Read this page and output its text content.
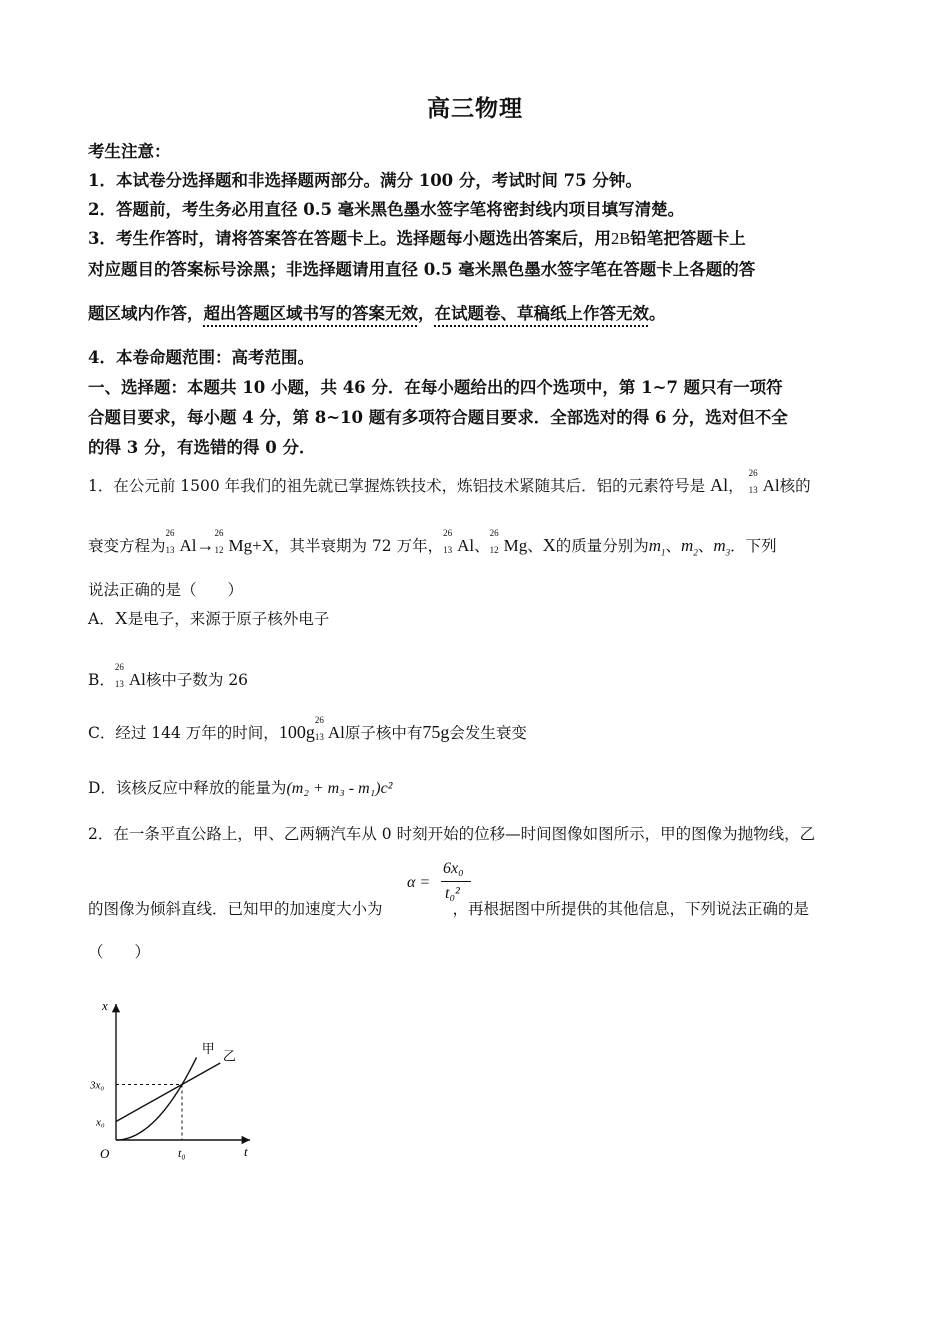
高三物理
考生注意：
1．本试卷分选择题和非选择题两部分。满分 100 分，考试时间 75 分钟。
2．答题前，考生务必用直径 0.5 毫米黑色墨水签字笔将密封线内项目填写清楚。
3．考生作答时，请将答案答在答题卡上。选择题每小题选出答案后，用2B铅笔把答题卡上
对应题目的答案标号涂黑；非选择题请用直径 0.5 毫米黑色墨水签字笔在答题卡上各题的答
题区域内作答，超出答题区域书写的答案无效，在试题卷、草稿纸上作答无效。
4．本卷命题范围：高考范围。
一、选择题：本题共 10 小题，共 46 分．在每小题给出的四个选项中，第 1~7 题只有一项符
合题目要求，每小题 4 分，第 8~10 题有多项符合题目要求．全部选对的得 6 分，选对但不全
的得 3 分，有选错的得 0 分．
1．在公元前 1500 年我们的祖先就已掌握炼铁技术，炼铝技术紧随其后．铝的元素符号是 Al，
26
13 Al核的
衰变方程为
26
13 Al→
26
12 Mg+X，其半衰期为 72 万年，
26
13 Al、
26
12 Mg、X的质量分别为$m_1$、$m_2$、$m_3$．下列
说法正确的是（　　）
A．X是电子，来源于原子核外电子
B．
26
13 Al核中子数为 26
C．经过 144 万年的时间，100g
26
13 Al原子核中有75g会发生衰变
D．该核反应中释放的能量为(m₂ + m₃ - m₁)c²
2．在一条平直公路上，甲、乙两辆汽车从 0 时刻开始的位移—时间图像如图所示，甲的图像为抛物线，乙
α =
6x₀
t₀²
的图像为倾斜直线．已知甲的加速度大小为	，再根据图中所提供的其他信息，下列说法正确的是
（　　）
t₀
x₀
3x₀
甲 乙
x
t
O
